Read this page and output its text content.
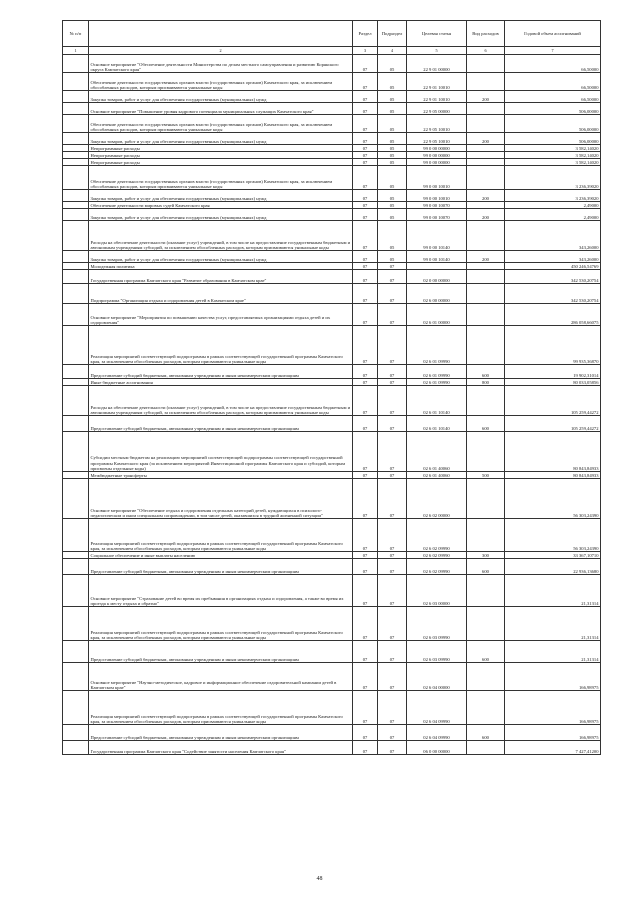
№ п/п		Раздел	Подраздел	Целевая статья	Вид расходов	Годовой объем ассигнований
1	2	3	4	5	6	7
	Основное мероприятие "Обеспечение деятельности Министерства по делам местного самоуправления и развитию Корякского округа Камчатского края"	07	05	22 9 01 00000		66,50000
	Обеспечение деятельности государственных органов власти (государственных органов) Камчатского края, за исключением обособленных расходов, которым присваиваются уникальные коды	07	05	22 9 01 10010		66,50000
	Закупка товаров, работ и услуг для обеспечения государственных (муниципальных) нужд	07	05	22 9 01 10010	200	66,50000
	Основное мероприятие "Повышение уровня кадрового потенциала муниципальных служащих Камчатского края"	07	05	22 9 05 00000		506,00000
	Обеспечение деятельности государственных органов власти (государственных органов) Камчатского края, за исключением обособленных расходов, которым присваиваются уникальные коды	07	05	22 9 05 10010		506,00000
	Закупка товаров, работ и услуг для обеспечения государственных (муниципальных) нужд	07	05	22 9 05 10010	200	506,00000
	Непрограммные расходы	07	05	99 0 00 00000		3 582,14020
	Непрограммные расходы	07	05	99 0 00 00000		3 582,14020
	Непрограммные расходы	07	05	99 0 00 00000		3 582,14020
	Обеспечение деятельности государственных органов власти (государственных органов) Камчатского края, за исключением обособленных расходов, которым присваиваются уникальные коды	07	05	99 0 00 10010		3 236,39020
	Закупка товаров, работ и услуг для обеспечения государственных (муниципальных) нужд	07	05	99 0 00 10010	200	3 236,39020
	Обеспечение деятельности мировых судей Камчатского края	07	05	99 0 00 10070		2,49000
	Закупка товаров, работ и услуг для обеспечения государственных (муниципальных) нужд	07	05	99 0 00 10070	200	2,49000
	Расходы на обеспечение деятельности (оказание услуг) учреждений, в том числе на предоставление государственным бюджетным и автономным учреждениям субсидий, за исключением обособленных расходов, которым присваиваются уникальные коды	07	05	99 0 00 10140		343,26000
	Закупка товаров, работ и услуг для обеспечения государственных (муниципальных) нужд	07	05	99 0 00 10140	200	343,26000
	Молодежная политика	07	07			450 246,54769
	Государственная программа Камчатского края "Развитие образования в Камчатском крае"	07	07	02 0 00 00000		342 530,20754
	Подпрограмма "Организация отдыха и оздоровления детей в Камчатском крае"	07	07	02 6 00 00000		342 530,20754
	Основное мероприятие "Мероприятия по повышению качества услуг, предоставляемых организациями отдыха детей и их оздоровления"	07	07	02 6 01 00000		286 058,66075
	Реализация мероприятий соответствующей подпрограммы в рамках соответствующей государственной программы Камчатского края, за исключением обособленных расходов, которым присваиваются уникальные коды	07	07	02 6 01 09990		99 935,36870
	Предоставление субсидий бюджетным, автономным учреждениям и иным некоммерческим организациям	07	07	02 6 01 09990	600	19 902,31014
	Иные бюджетные ассигнования	07	07	02 6 01 09990	800	80 033,05856
	Расходы на обеспечение деятельности (оказание услуг) учреждений, в том числе на предоставление государственным бюджетным и автономным учреждениям субсидий, за исключением обособленных расходов, которым присваиваются уникальные коды	07	07	02 6 01 10140		105 259,44272
	Предоставление субсидий бюджетным, автономным учреждениям и иным некоммерческим организациям	07	07	02 6 01 10140	600	105 259,44272
	Субсидии местным бюджетам на реализацию мероприятий соответствующей подпрограммы соответствующей государственной программы Камчатского края (за исключением мероприятий Инвестиционной программы Камчатского края и субсидий, которым присвоены отдельные коды)	07	07	02 6 01 40060		80 843,84933
	Межбюджетные трансферты	07	07	02 6 01 40060	500	80 843,84933
	Основное мероприятие "Обеспечение отдыха и оздоровления отдельных категорий детей, нуждающихся в психолого-педагогическом и ином специальном сопровождении, в том числе детей, оказавшихся в трудной жизненной ситуации"	07	07	02 6 02 00000		56 303,24390
	Реализация мероприятий соответствующей подпрограммы в рамках соответствующей государственной программы Камчатского края, за исключением обособленных расходов, которым присваиваются уникальные коды	07	07	02 6 02 09990		56 303,24390
	Социальное обеспечение и иные выплаты населению	07	07	02 6 02 09990	300	33 367,10710
	Предоставление субсидий бюджетным, автономным учреждениям и иным некоммерческим организациям	07	07	02 6 02 09990	600	22 936,13680
	Основное мероприятие "Страхование детей во время их пребывания в организациях отдыха и оздоровления, а также во время их проезда к месту отдыха и обратно"	07	07	02 6 03 00000		21,31314
	Реализация мероприятий соответствующей подпрограммы в рамках соответствующей государственной программы Камчатского края, за исключением обособленных расходов, которым присваиваются уникальные коды	07	07	02 6 03 09990		21,31314
	Предоставление субсидий бюджетным, автономным учреждениям и иным некоммерческим организациям	07	07	02 6 03 09990	600	21,31314
	Основное мероприятие "Научно-методическое, кадровое и информационное обеспечение оздоровительной кампании детей в Камчатском крае"	07	07	02 6 04 00000		166,98975
	Реализация мероприятий соответствующей подпрограммы в рамках соответствующей государственной программы Камчатского края, за исключением обособленных расходов, которым присваиваются уникальные коды	07	07	02 6 04 09990		166,98975
	Предоставление субсидий бюджетным, автономным учреждениям и иным некоммерческим организациям	07	07	02 6 04 09990	600	166,98975
	Государственная программа Камчатского края "Содействие занятости населения Камчатского края"	07	07	06 0 00 00000		7 427,41200
48
